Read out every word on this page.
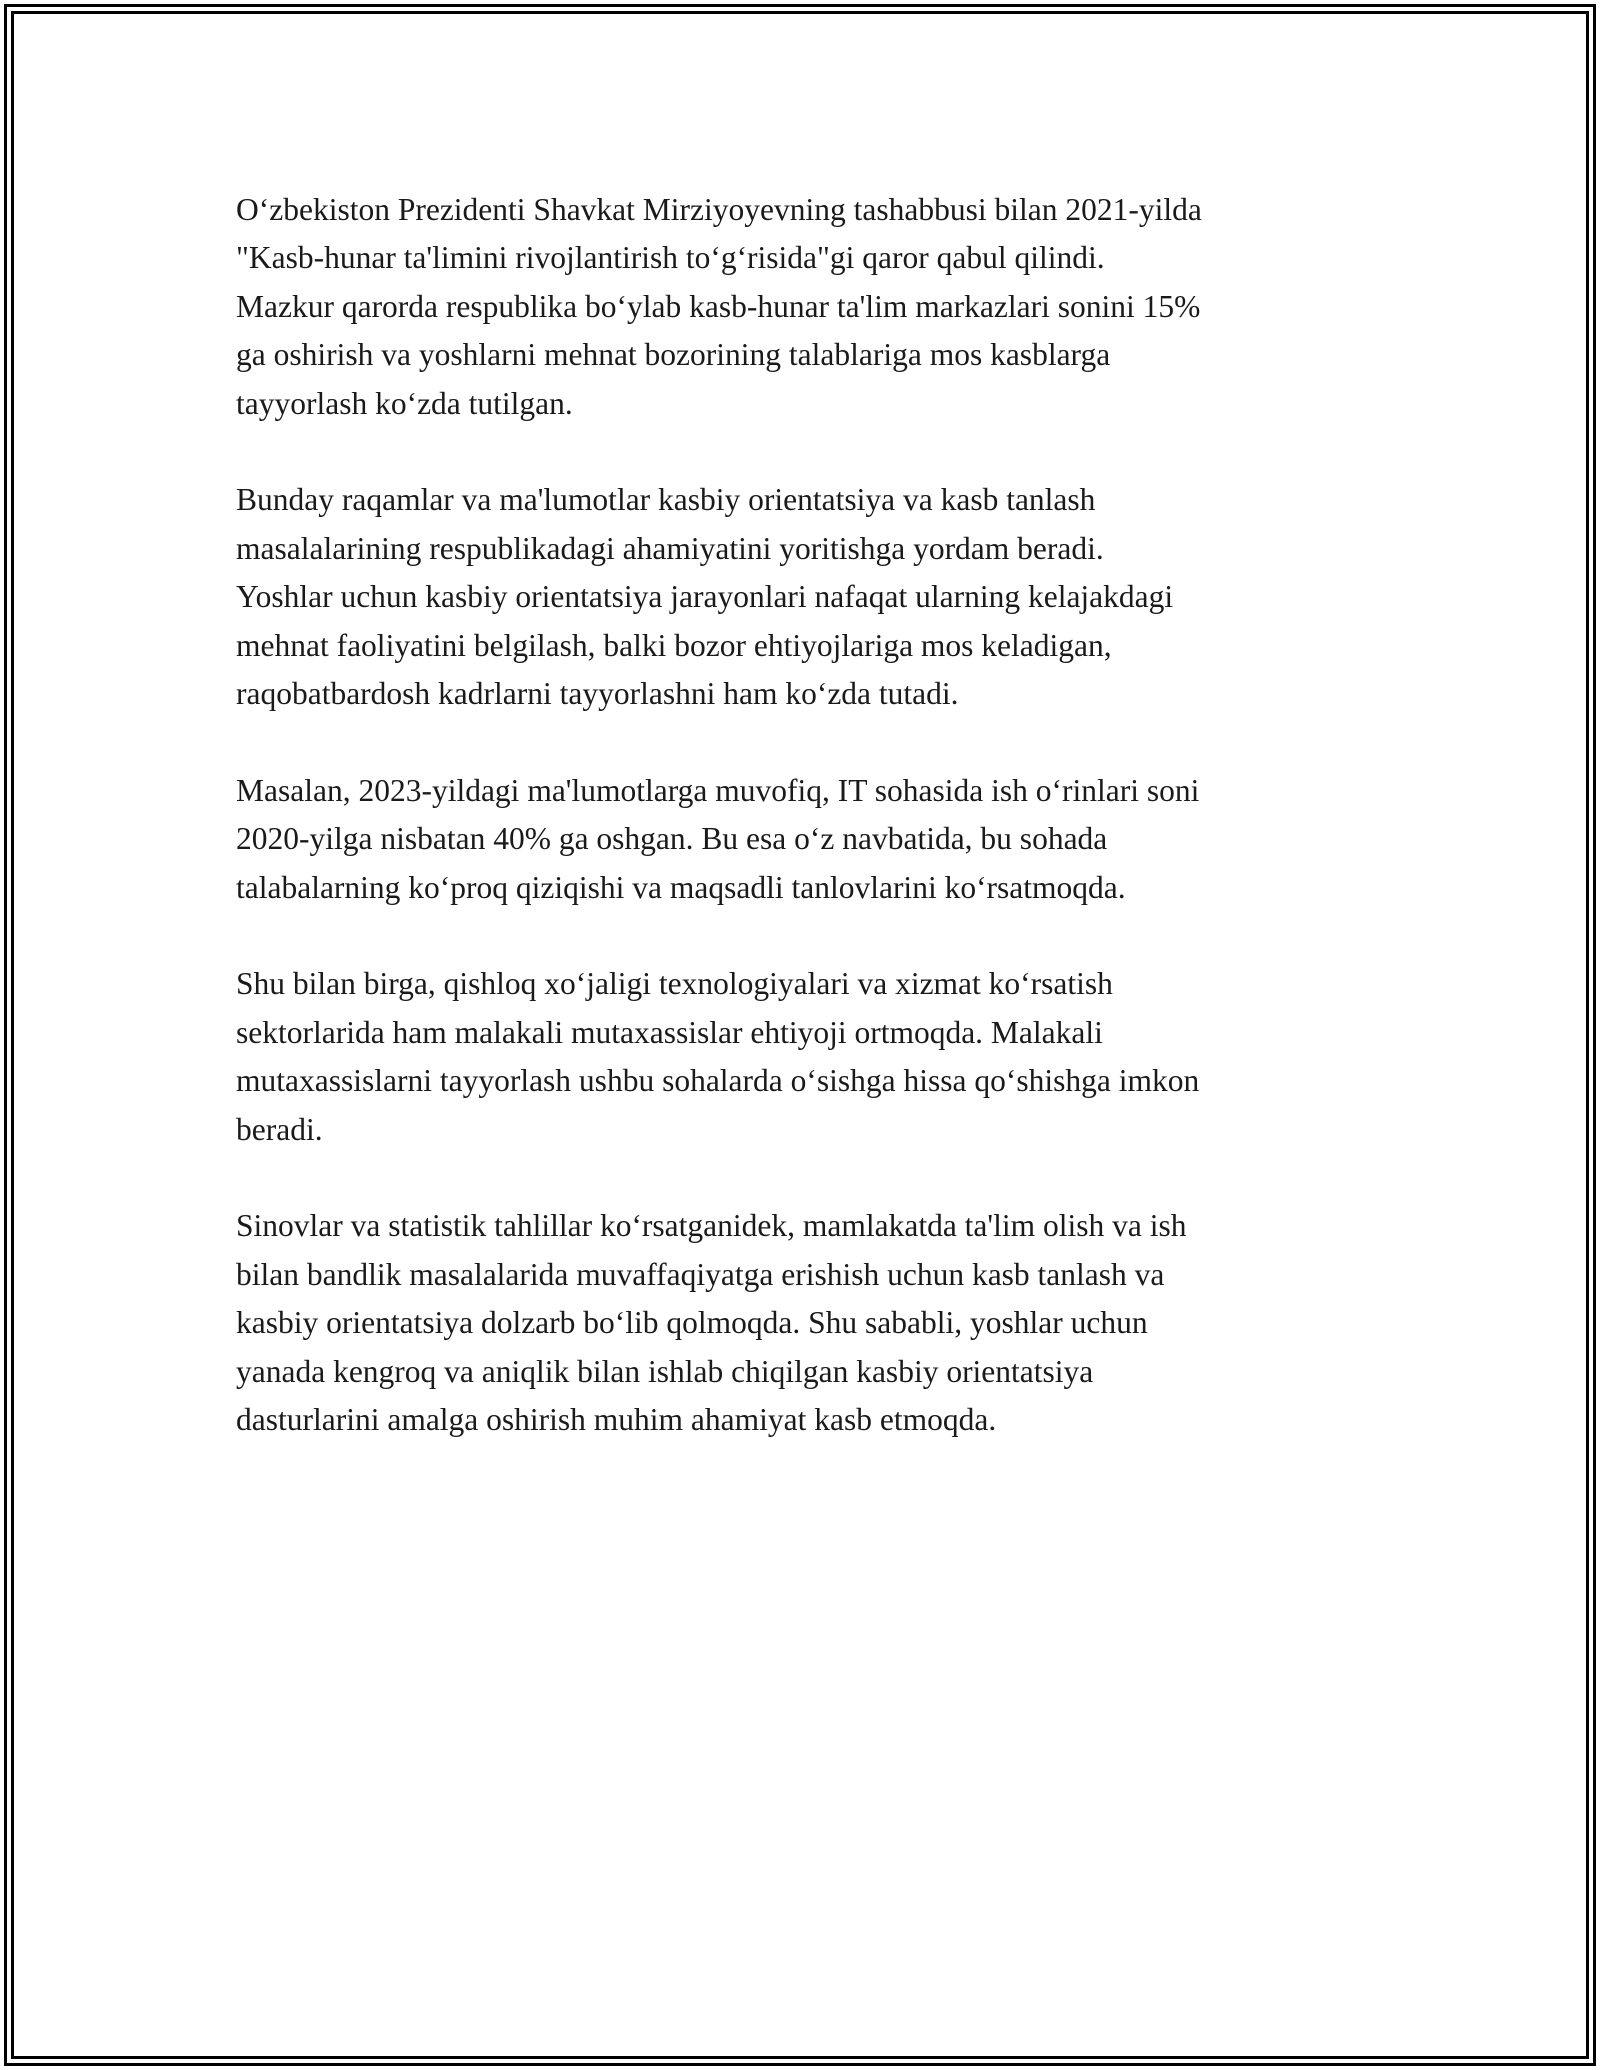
Oʻzbekiston Prezidenti Shavkat Mirziyoyevning tashabbusi bilan 2021-yilda
"Kasb-hunar ta'limini rivojlantirish toʻgʻrisida"gi qaror qabul qilindi.
Mazkur qarorda respublika boʻylab kasb-hunar ta'lim markazlari sonini 15%
ga oshirish va yoshlarni mehnat bozorining talablariga mos kasblarga
tayyorlash koʻzda tutilgan.

Bunday raqamlar va ma'lumotlar kasbiy orientatsiya va kasb tanlash
masalalarining respublikadagi ahamiyatini yoritishga yordam beradi.
Yoshlar uchun kasbiy orientatsiya jarayonlari nafaqat ularning kelajakdagi
mehnat faoliyatini belgilash, balki bozor ehtiyojlariga mos keladigan,
raqobatbardosh kadrlarni tayyorlashni ham koʻzda tutadi.

Masalan, 2023-yildagi ma'lumotlarga muvofiq, IT sohasida ish oʻrinlari soni
2020-yilga nisbatan 40% ga oshgan. Bu esa oʻz navbatida, bu sohada
talabalarning koʻproq qiziqishi va maqsadli tanlovlarini koʻrsatmoqda.

Shu bilan birga, qishloq xoʻjaligi texnologiyalari va xizmat koʻrsatish
sektorlarida ham malakali mutaxassislar ehtiyoji ortmoqda. Malakali
mutaxassislarni tayyorlash ushbu sohalarda oʻsishga hissa qoʻshishga imkon
beradi.

Sinovlar va statistik tahlillar koʻrsatganidek, mamlakatda ta'lim olish va ish
bilan bandlik masalalarida muvaffaqiyatga erishish uchun kasb tanlash va
kasbiy orientatsiya dolzarb boʻlib qolmoqda. Shu sababli, yoshlar uchun
yanada kengroq va aniqlik bilan ishlab chiqilgan kasbiy orientatsiya
dasturlarini amalga oshirish muhim ahamiyat kasb etmoqda.
